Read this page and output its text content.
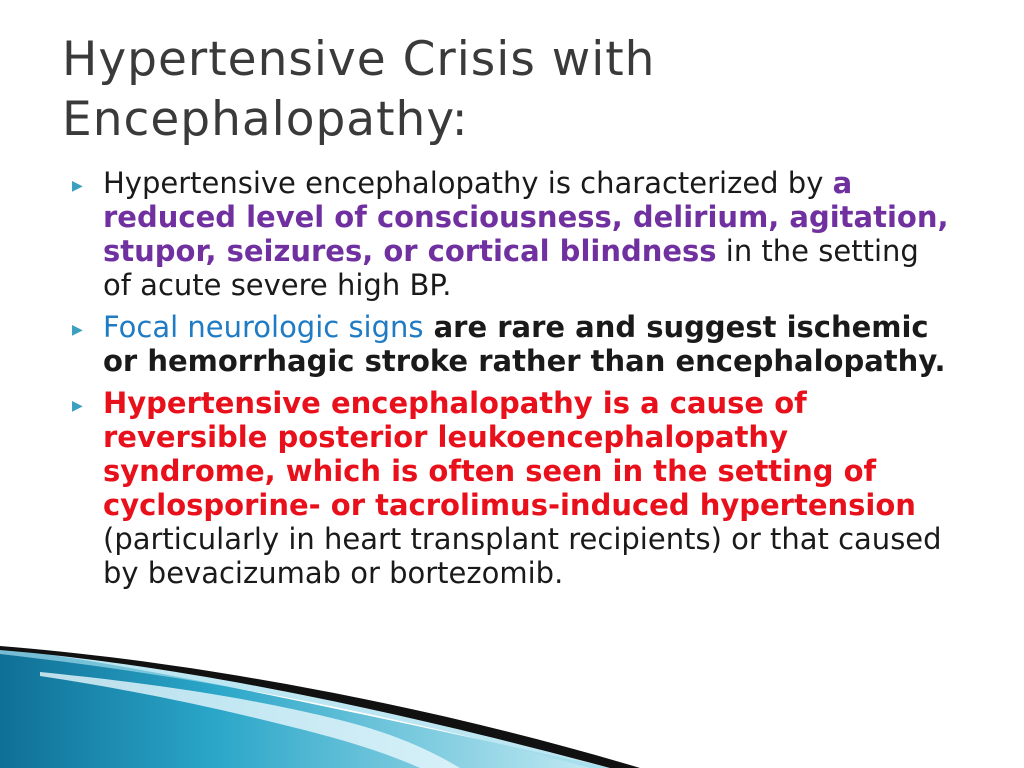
Hypertensive Crisis with
Encephalopathy:
▶ Hypertensive encephalopathy is characterized by a reduced level of consciousness, delirium, agitation, stupor, seizures, or cortical blindness in the setting of acute severe high BP.
▶ Focal neurologic signs are rare and suggest ischemic or hemorrhagic stroke rather than encephalopathy.
▶ Hypertensive encephalopathy is a cause of reversible posterior leukoencephalopathy syndrome, which is often seen in the setting of cyclosporine- or tacrolimus-induced hypertension (particularly in heart transplant recipients) or that caused by bevacizumab or bortezomib.
